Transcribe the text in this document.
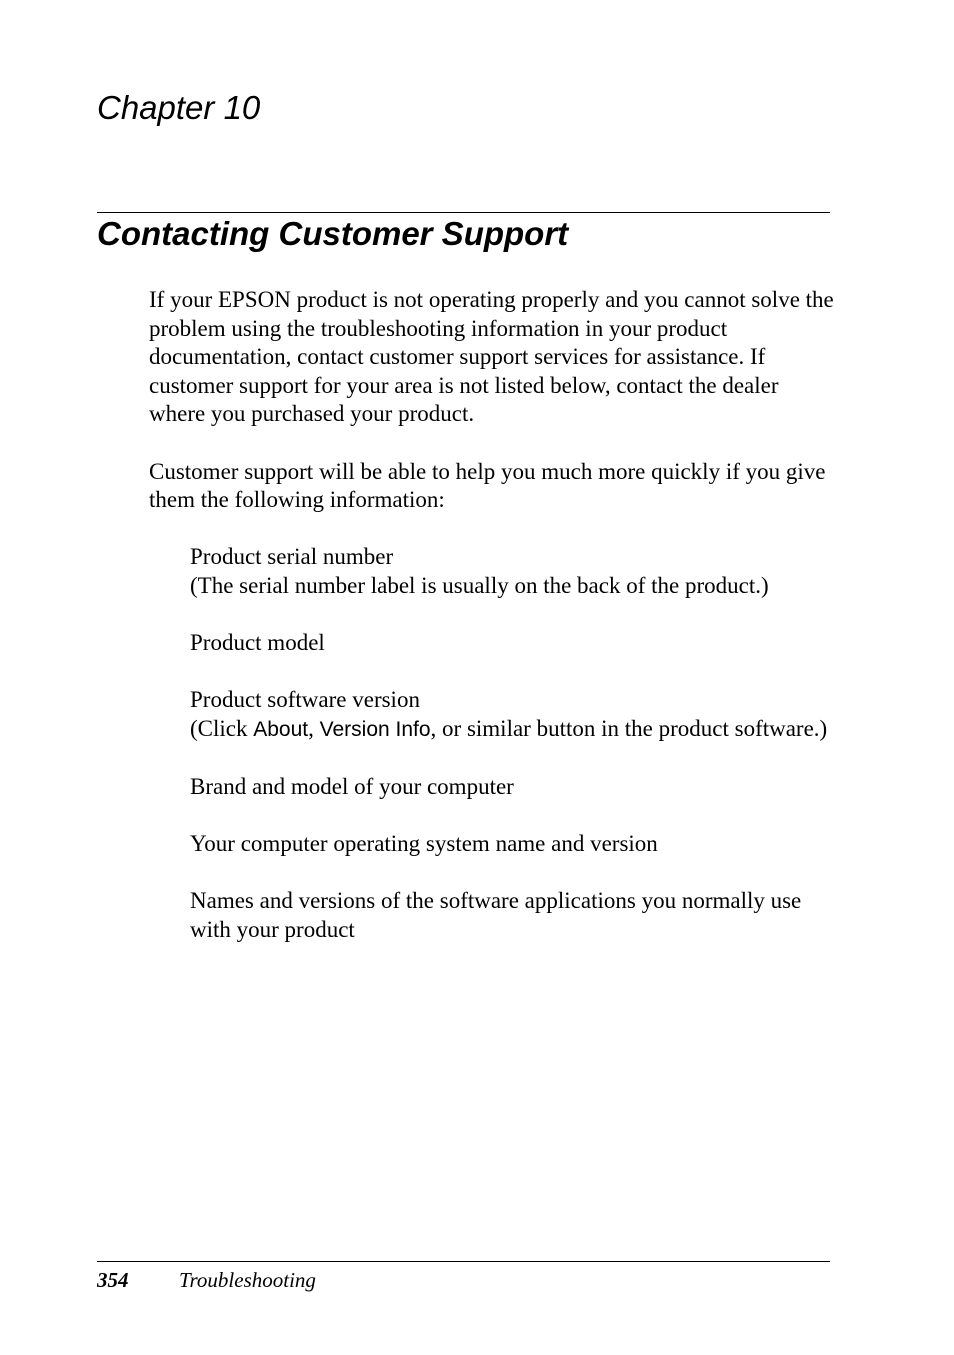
Chapter 10
Contacting Customer Support

If your EPSON product is not operating properly and you cannot solve the problem using the troubleshooting information in your product documentation, contact customer support services for assistance. If customer support for your area is not listed below, contact the dealer where you purchased your product.

Customer support will be able to help you much more quickly if you give them the following information:

Product serial number
(The serial number label is usually on the back of the product.)
Product model
Product software version
(Click About, Version Info, or similar button in the product software.)
Brand and model of your computer
Your computer operating system name and version
Names and versions of the software applications you normally use with your product
354 Troubleshooting
